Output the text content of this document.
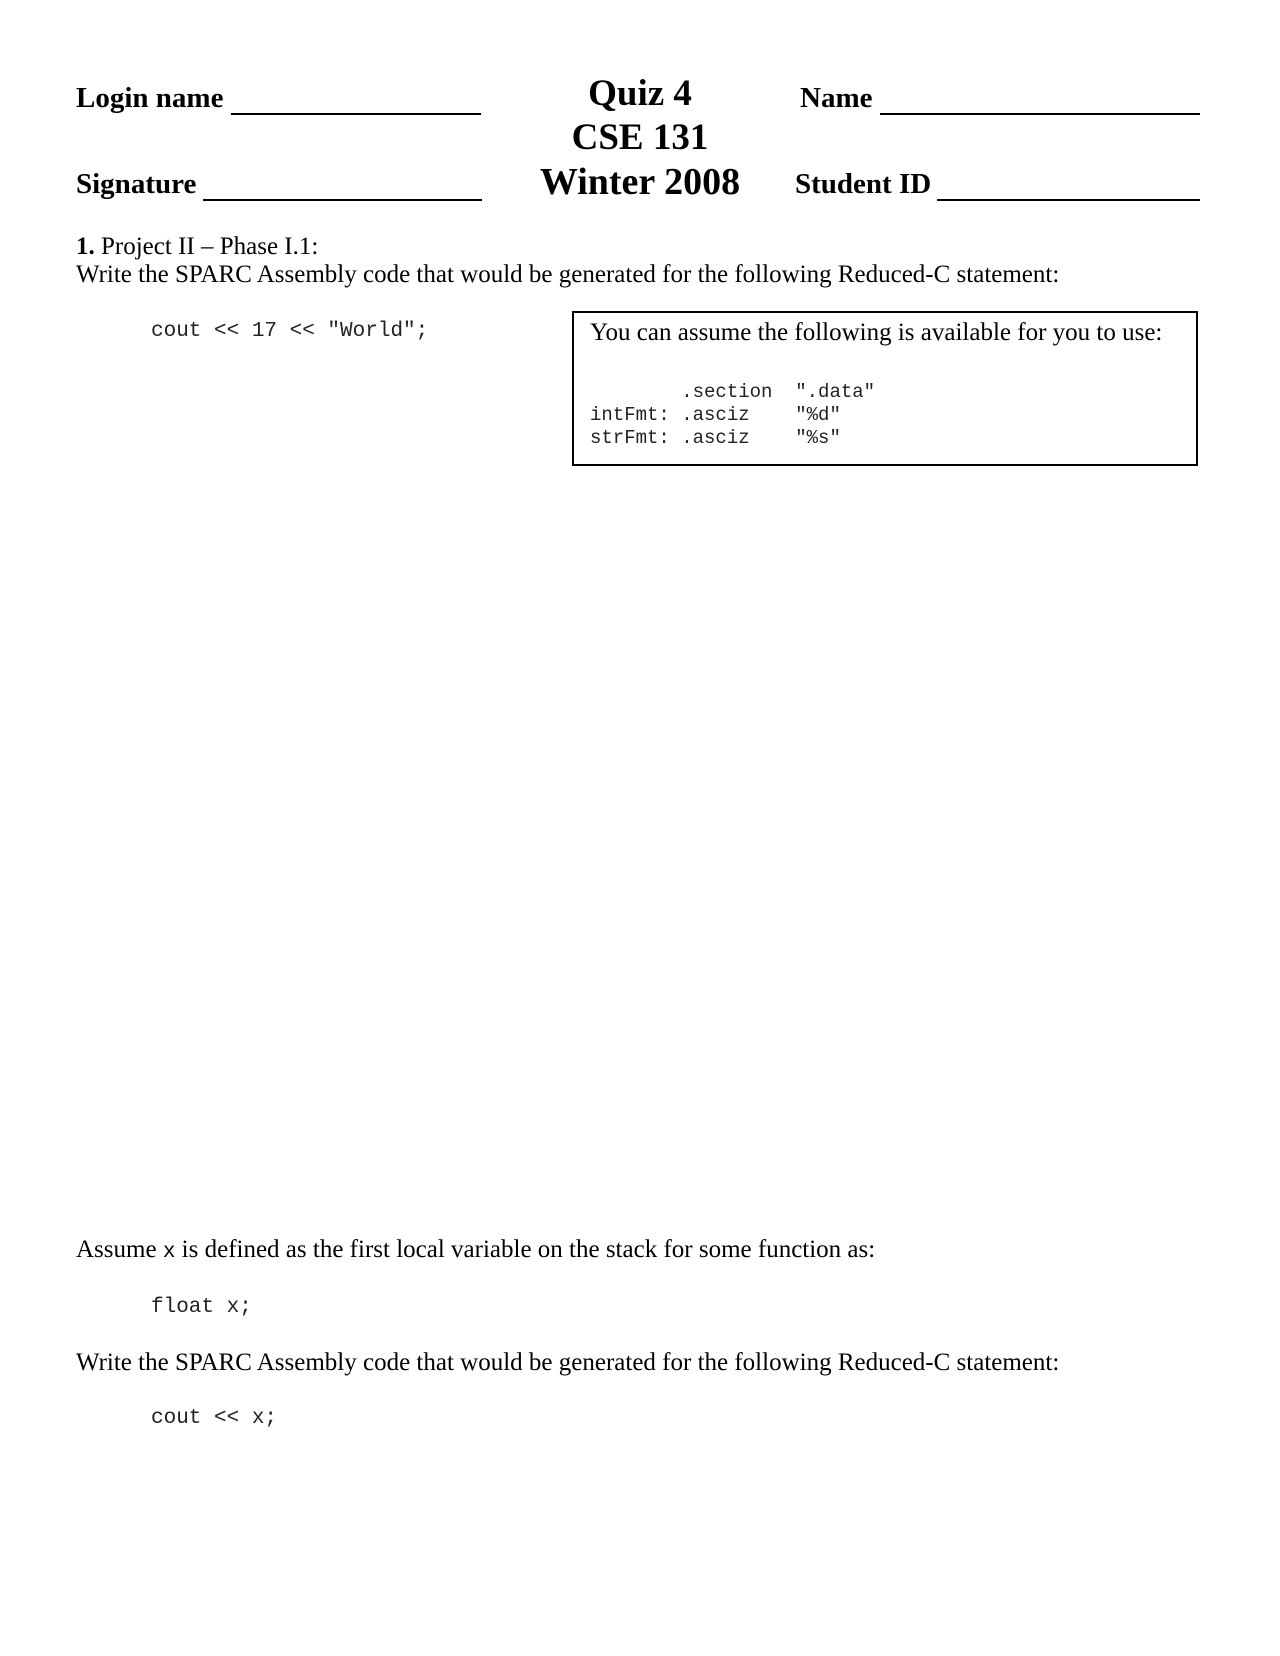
Login name
Signature
Quiz 4
CSE 131
Winter 2008
Name
Student ID
1. Project II – Phase I.1:
Write the SPARC Assembly code that would be generated for the following Reduced-C statement:
cout << 17 << "World";	You can assume the following is available for you to use:
.section  ".data"
intFmt: .asciz    "%d"
strFmt: .asciz    "%s"
Assume x is defined as the first local variable on the stack for some function as:
float x;
Write the SPARC Assembly code that would be generated for the following Reduced-C statement:
cout << x;
